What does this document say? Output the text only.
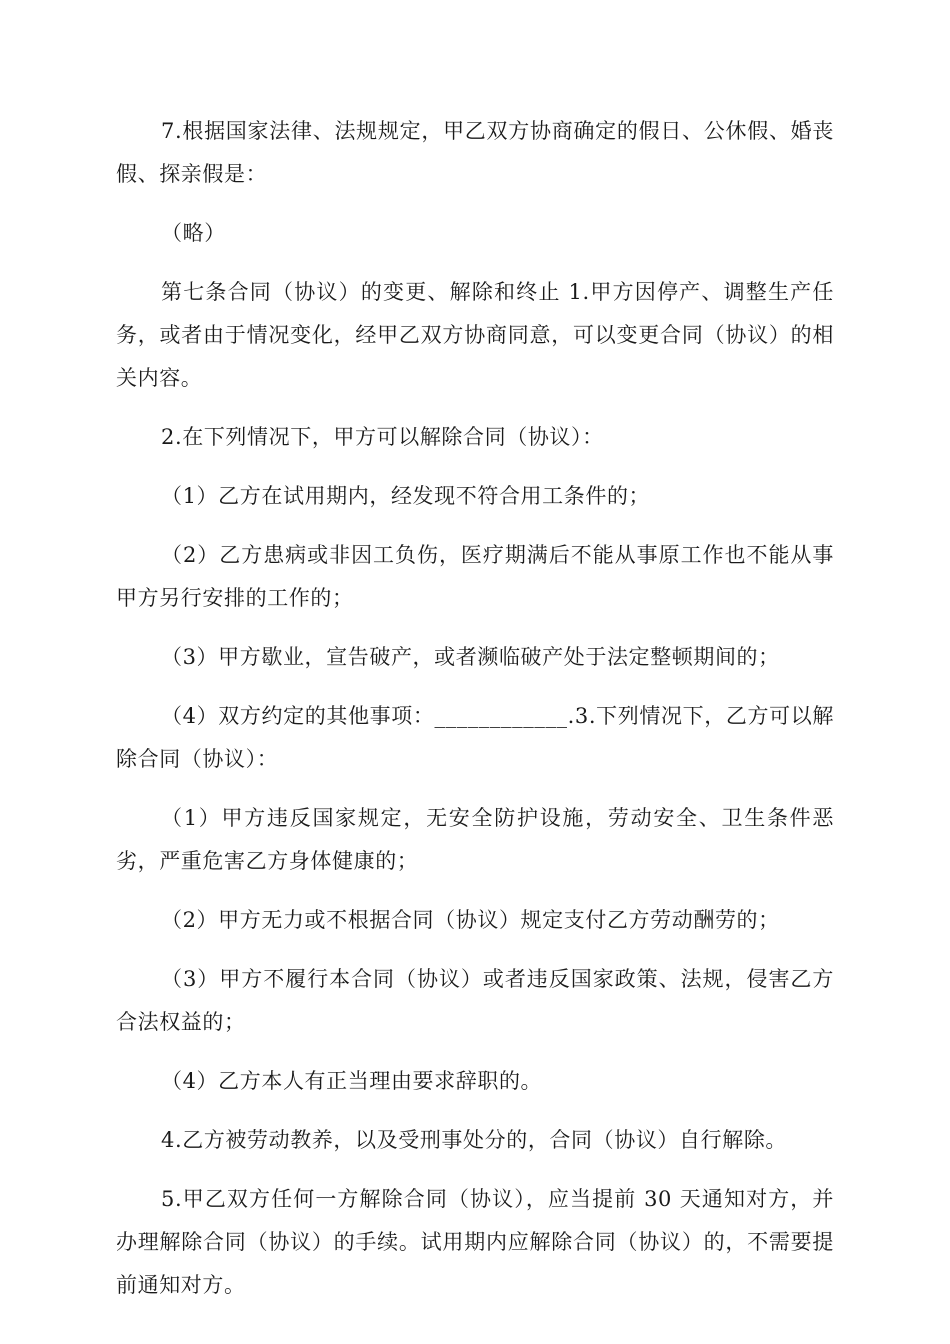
7.根据国家法律、法规规定，甲乙双方协商确定的假日、公休假、婚丧假、探亲假是：

（略）

第七条合同（协议）的变更、解除和终止 1.甲方因停产、调整生产任务，或者由于情况变化，经甲乙双方协商同意，可以变更合同（协议）的相关内容。

2.在下列情况下，甲方可以解除合同（协议）：

（1）乙方在试用期内，经发现不符合用工条件的；

（2）乙方患病或非因工负伤，医疗期满后不能从事原工作也不能从事甲方另行安排的工作的；

（3）甲方歇业，宣告破产，或者濒临破产处于法定整顿期间的；

（4）双方约定的其他事项：____________.3.下列情况下，乙方可以解除合同（协议）：

（1）甲方违反国家规定，无安全防护设施，劳动安全、卫生条件恶劣，严重危害乙方身体健康的；

（2）甲方无力或不根据合同（协议）规定支付乙方劳动酬劳的；

（3）甲方不履行本合同（协议）或者违反国家政策、法规，侵害乙方合法权益的；

（4）乙方本人有正当理由要求辞职的。

4.乙方被劳动教养，以及受刑事处分的，合同（协议）自行解除。

5.甲乙双方任何一方解除合同（协议），应当提前 30 天通知对方，并办理解除合同（协议）的手续。试用期内应解除合同（协议）的，不需要提前通知对方。
